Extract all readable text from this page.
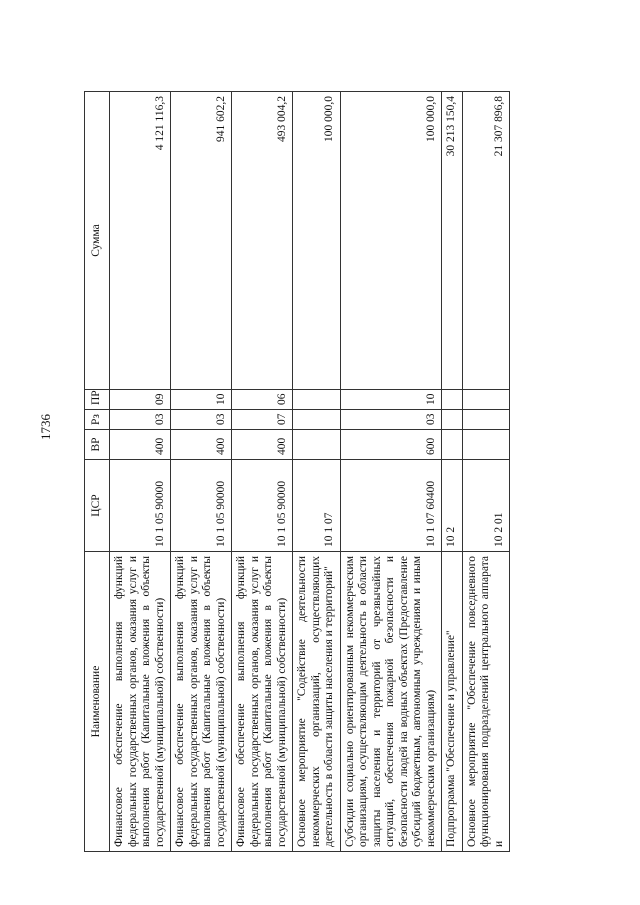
1736
Наименование	ЦСР	ВР	Рз	ПР	Сумма
Финансовое обеспечение выполнения функций федеральных государственных органов, оказания услуг и выполнения работ (Капитальные вложения в объекты государственной (муниципальной) собственности)	10 1 05 90000	400	03	09	4 121 116,3
Финансовое обеспечение выполнения функций федеральных государственных органов, оказания услуг и выполнения работ (Капитальные вложения в объекты государственной (муниципальной) собственности)	10 1 05 90000	400	03	10	941 602,2
Финансовое обеспечение выполнения функций федеральных государственных органов, оказания услуг и выполнения работ (Капитальные вложения в объекты государственной (муниципальной) собственности)	10 1 05 90000	400	07	06	493 004,2
Основное мероприятие "Содействие деятельности некоммерческих организаций, осуществляющих деятельность в области защиты населения и территорий"	10 1 07				100 000,0
Субсидии социально ориентированным некоммерческим организациям, осуществляющим деятельность в области защиты населения и территорий от чрезвычайных ситуаций, обеспечения пожарной безопасности и безопасности людей на водных объектах (Предоставление субсидий бюджетным, автономным учреждениям и иным некоммерческим организациям)	10 1 07 60400	600	03	10	100 000,0
Подпрограмма "Обеспечение и управление"	10 2				30 213 150,4
Основное мероприятие "Обеспечение повседневного функционирования подразделений центрального аппарата и	10 2 01				21 307 896,8
